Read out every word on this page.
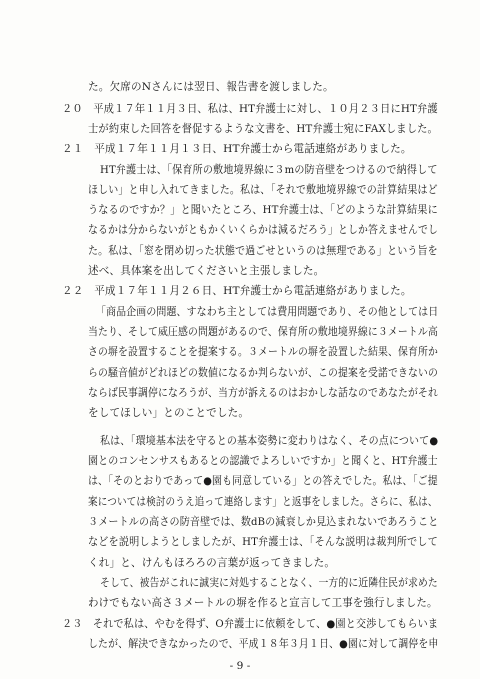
た。欠席のNさんには翌日、報告書を渡しました。
２０　平成１７年１１月３日、私は、HT弁護士に対し、１０月２３日にHT弁護
士が約束した回答を督促するような文書を、HT弁護士宛にFAXしました。
２１　平成１７年１１月１３日、HT弁護士から電話連絡がありました。
HT弁護士は、「保育所の敷地境界線に３mの防音壁をつけるので納得して
ほしい」と申し入れてきました。私は、「それで敷地境界線での計算結果はど
うなるのですか？」と聞いたところ、HT弁護士は、「どのような計算結果に
なるかは分からないがともかくいくらかは減るだろう」としか答えませんでし
た。私は、「窓を閉め切った状態で過ごせというのは無理である」という旨を
述べ、具体案を出してくださいと主張しました。
２２　平成１７年１１月２６日、HT弁護士から電話連絡がありました。
「商品企画の問題、すなわち主としては費用問題であり、その他としては日
当たり、そして威圧感の問題があるので、保育所の敷地境界線に３メートル高
さの塀を設置することを提案する。３メートルの塀を設置した結果、保育所か
らの騒音値がどれほどの数値になるか判らないが、この提案を受諾できないの
ならば民事調停になろうが、当方が訴えるのはおかしな話なのであなたがそれ
をしてほしい」とのことでした。
私は、「環境基本法を守るとの基本姿勢に変わりはなく、その点について●
園とのコンセンサスもあるとの認識でよろしいですか」と聞くと、HT弁護士
は、「そのとおりであって●園も同意している」との答えでした。私は、「ご提
案については検討のうえ追って連絡します」と返事をしました。さらに、私は、
３メートルの高さの防音壁では、数dBの減衰しか見込まれないであろうこと
などを説明しようとしましたが、HT弁護士は、「そんな説明は裁判所でして
くれ」と、けんもほろろの言葉が返ってきました。
そして、被告がこれに誠実に対処することなく、一方的に近隣住民が求めた
わけでもない高さ３メートルの塀を作ると宣言して工事を強行しました。
２３　それで私は、やむを得ず、O弁護士に依頼をして、●園と交渉してもらいま
したが、解決できなかったので、平成１８年３月１日、●園に対して調停を申
- 9 -
